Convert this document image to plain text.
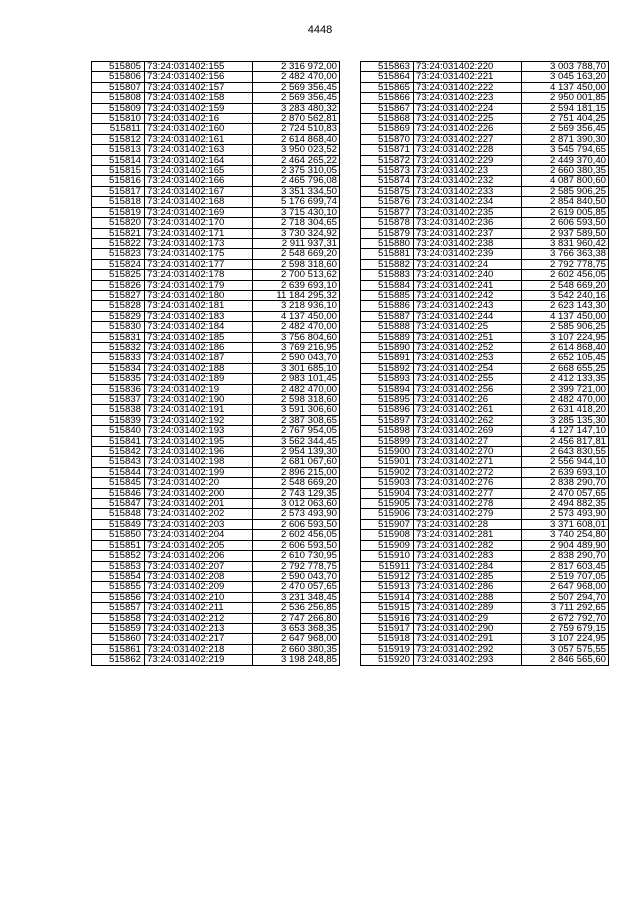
4448
515805	73:24:031402:155	2 316 972,00
515806	73:24:031402:156	2 482 470,00
515807	73:24:031402:157	2 569 356,45
515808	73:24:031402:158	2 569 356,45
515809	73:24:031402:159	3 283 480,32
515810	73:24:031402:16	2 870 562,81
515811	73:24:031402:160	2 724 510,83
515812	73:24:031402:161	2 614 868,40
515813	73:24:031402:163	3 950 023,52
515814	73:24:031402:164	2 464 265,22
515815	73:24:031402:165	2 375 310,05
515816	73:24:031402:166	2 465 796,08
515817	73:24:031402:167	3 351 334,50
515818	73:24:031402:168	5 176 699,74
515819	73:24:031402:169	3 715 430,10
515820	73:24:031402:170	2 718 304,65
515821	73:24:031402:171	3 730 324,92
515822	73:24:031402:173	2 911 937,31
515823	73:24:031402:175	2 548 669,20
515824	73:24:031402:177	2 598 318,60
515825	73:24:031402:178	2 700 513,62
515826	73:24:031402:179	2 639 693,10
515827	73:24:031402:180	11 184 295,32
515828	73:24:031402:181	3 218 936,10
515829	73:24:031402:183	4 137 450,00
515830	73:24:031402:184	2 482 470,00
515831	73:24:031402:185	3 756 804,60
515832	73:24:031402:186	3 769 216,95
515833	73:24:031402:187	2 590 043,70
515834	73:24:031402:188	3 301 685,10
515835	73:24:031402:189	2 983 101,45
515836	73:24:031402:19	2 482 470,00
515837	73:24:031402:190	2 598 318,60
515838	73:24:031402:191	3 591 306,60
515839	73:24:031402:192	2 387 308,65
515840	73:24:031402:193	2 767 954,05
515841	73:24:031402:195	3 562 344,45
515842	73:24:031402:196	2 954 139,30
515843	73:24:031402:198	2 681 067,60
515844	73:24:031402:199	2 896 215,00
515845	73:24:031402:20	2 548 669,20
515846	73:24:031402:200	2 743 129,35
515847	73:24:031402:201	3 012 063,60
515848	73:24:031402:202	2 573 493,90
515849	73:24:031402:203	2 606 593,50
515850	73:24:031402:204	2 602 456,05
515851	73:24:031402:205	2 606 593,50
515852	73:24:031402:206	2 610 730,95
515853	73:24:031402:207	2 792 778,75
515854	73:24:031402:208	2 590 043,70
515855	73:24:031402:209	2 470 057,65
515856	73:24:031402:210	3 231 348,45
515857	73:24:031402:211	2 536 256,85
515858	73:24:031402:212	2 747 266,80
515859	73:24:031402:213	3 653 368,35
515860	73:24:031402:217	2 647 968,00
515861	73:24:031402:218	2 660 380,35
515862	73:24:031402:219	3 198 248,85
515863	73:24:031402:220	3 003 788,70
515864	73:24:031402:221	3 045 163,20
515865	73:24:031402:222	4 137 450,00
515866	73:24:031402:223	2 950 001,85
515867	73:24:031402:224	2 594 181,15
515868	73:24:031402:225	2 751 404,25
515869	73:24:031402:226	2 569 356,45
515870	73:24:031402:227	2 871 390,30
515871	73:24:031402:228	3 545 794,65
515872	73:24:031402:229	2 449 370,40
515873	73:24:031402:23	2 660 380,35
515874	73:24:031402:232	4 087 800,60
515875	73:24:031402:233	2 585 906,25
515876	73:24:031402:234	2 854 840,50
515877	73:24:031402:235	2 619 005,85
515878	73:24:031402:236	2 606 593,50
515879	73:24:031402:237	2 937 589,50
515880	73:24:031402:238	3 831 960,42
515881	73:24:031402:239	3 766 363,38
515882	73:24:031402:24	2 792 778,75
515883	73:24:031402:240	2 602 456,05
515884	73:24:031402:241	2 548 669,20
515885	73:24:031402:242	3 542 240,16
515886	73:24:031402:243	2 623 143,30
515887	73:24:031402:244	4 137 450,00
515888	73:24:031402:25	2 585 906,25
515889	73:24:031402:251	3 107 224,95
515890	73:24:031402:252	2 614 868,40
515891	73:24:031402:253	2 652 105,45
515892	73:24:031402:254	2 668 655,25
515893	73:24:031402:255	2 412 133,35
515894	73:24:031402:256	2 399 721,00
515895	73:24:031402:26	2 482 470,00
515896	73:24:031402:261	2 631 418,20
515897	73:24:031402:262	3 285 135,30
515898	73:24:031402:269	4 127 147,10
515899	73:24:031402:27	2 456 817,81
515900	73:24:031402:270	2 643 830,55
515901	73:24:031402:271	2 556 944,10
515902	73:24:031402:272	2 639 693,10
515903	73:24:031402:276	2 838 290,70
515904	73:24:031402:277	2 470 057,65
515905	73:24:031402:278	2 494 882,35
515906	73:24:031402:279	2 573 493,90
515907	73:24:031402:28	3 371 608,01
515908	73:24:031402:281	3 740 254,80
515909	73:24:031402:282	2 904 489,90
515910	73:24:031402:283	2 838 290,70
515911	73:24:031402:284	2 817 603,45
515912	73:24:031402:285	2 519 707,05
515913	73:24:031402:286	2 647 968,00
515914	73:24:031402:288	2 507 294,70
515915	73:24:031402:289	3 711 292,65
515916	73:24:031402:29	2 672 792,70
515917	73:24:031402:290	2 759 679,15
515918	73:24:031402:291	3 107 224,95
515919	73:24:031402:292	3 057 575,55
515920	73:24:031402:293	2 846 565,60
